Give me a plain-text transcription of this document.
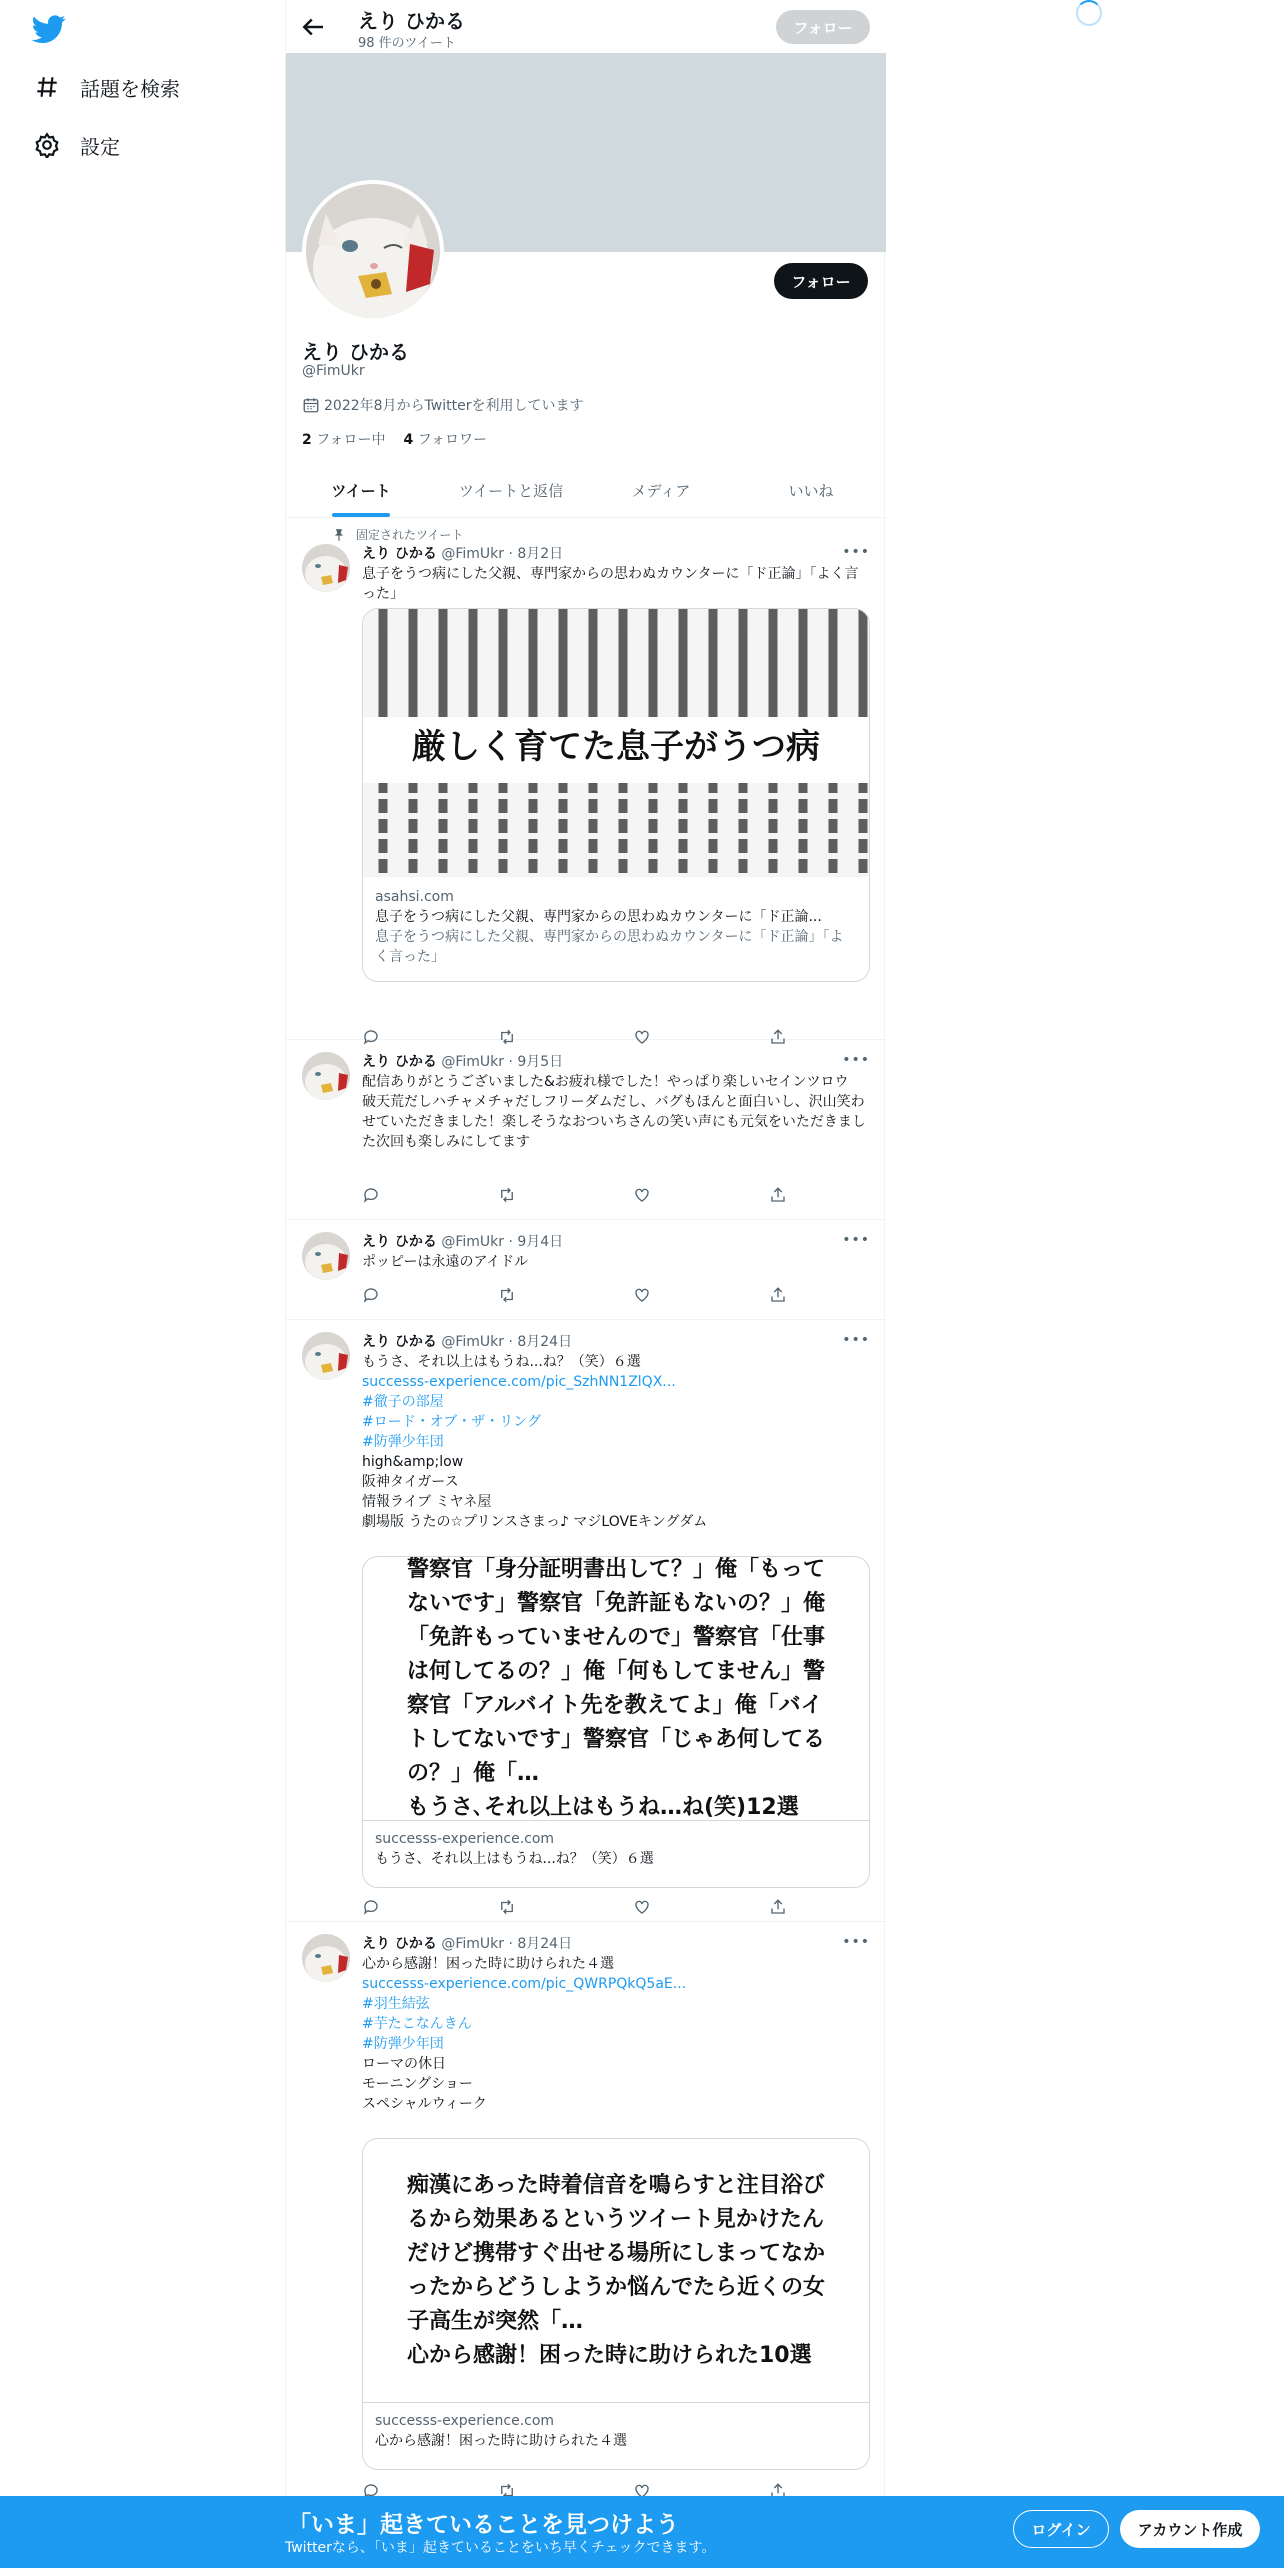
話題を検索
設定
えり ひかる
98 件のツイート
フォロー
フォロー
えり ひかる
@FimUkr
2022年8月からTwitterを利用しています
2 フォロー中 4 フォロワー
ツイート	ツイートと返信	メディア	いいね
固定されたツイート
えり ひかる @FimUkr · 8月2日	•••
息子をうつ病にした父親、専門家からの思わぬカウンターに「ド正論」「よく言った」
厳しく育てた息子がうつ病
asahsi.com
息子をうつ病にした父親、専門家からの思わぬカウンターに「ド正論...
息子をうつ病にした父親、専門家からの思わぬカウンターに「ド正論」「よく言った」
えり ひかる @FimUkr · 9月5日	•••
配信ありがとうございました&お疲れ様でした！やっぱり楽しいセインツロウ
破天荒だしハチャメチャだしフリーダムだし、バグもほんと面白いし、沢山笑わせていただきました！楽しそうなおついちさんの笑い声にも元気をいただきました次回も楽しみにしてます
えり ひかる @FimUkr · 9月4日	•••
ポッピーは永遠のアイドル
えり ひかる @FimUkr · 8月24日	•••
もうさ、それ以上はもうね...ね？（笑）６選
successs-experience.com/pic_SzhNN1ZlQX...
#徹子の部屋
#ロード・オブ・ザ・リング
#防弾少年団
high&amp;low
阪神タイガース
情報ライブ ミヤネ屋
劇場版 うたの☆プリンスさまっ♪ マジLOVEキングダム
警察官「身分証明書出して？」俺「もってないです」警察官「免許証もないの？」俺「免許もっていませんので」警察官「仕事は何してるの？」俺「何もしてません」警察官「アルバイト先を教えてよ」俺「バイトしてないです」警察官「じゃあ何してるの？」俺「…
もうさ､それ以上はもうね…ね(笑)12選
successs-experience.com
もうさ、それ以上はもうね...ね？（笑）６選
えり ひかる @FimUkr · 8月24日	•••
心から感謝！困った時に助けられた４選
successs-experience.com/pic_QWRPQkQ5aE...
#羽生結弦
#芋たこなんきん
#防弾少年団
ローマの休日
モーニングショー
スペシャルウィーク
痴漢にあった時着信音を鳴らすと注目浴びるから効果あるというツイート見かけたんだけど携帯すぐ出せる場所にしまってなかったからどうしようか悩んでたら近くの女子高生が突然「…
心から感謝！困った時に助けられた10選
successs-experience.com
心から感謝！困った時に助けられた４選
「いま」起きていることを見つけよう
Twitterなら、「いま」起きていることをいち早くチェックできます。
ログイン	アカウント作成
